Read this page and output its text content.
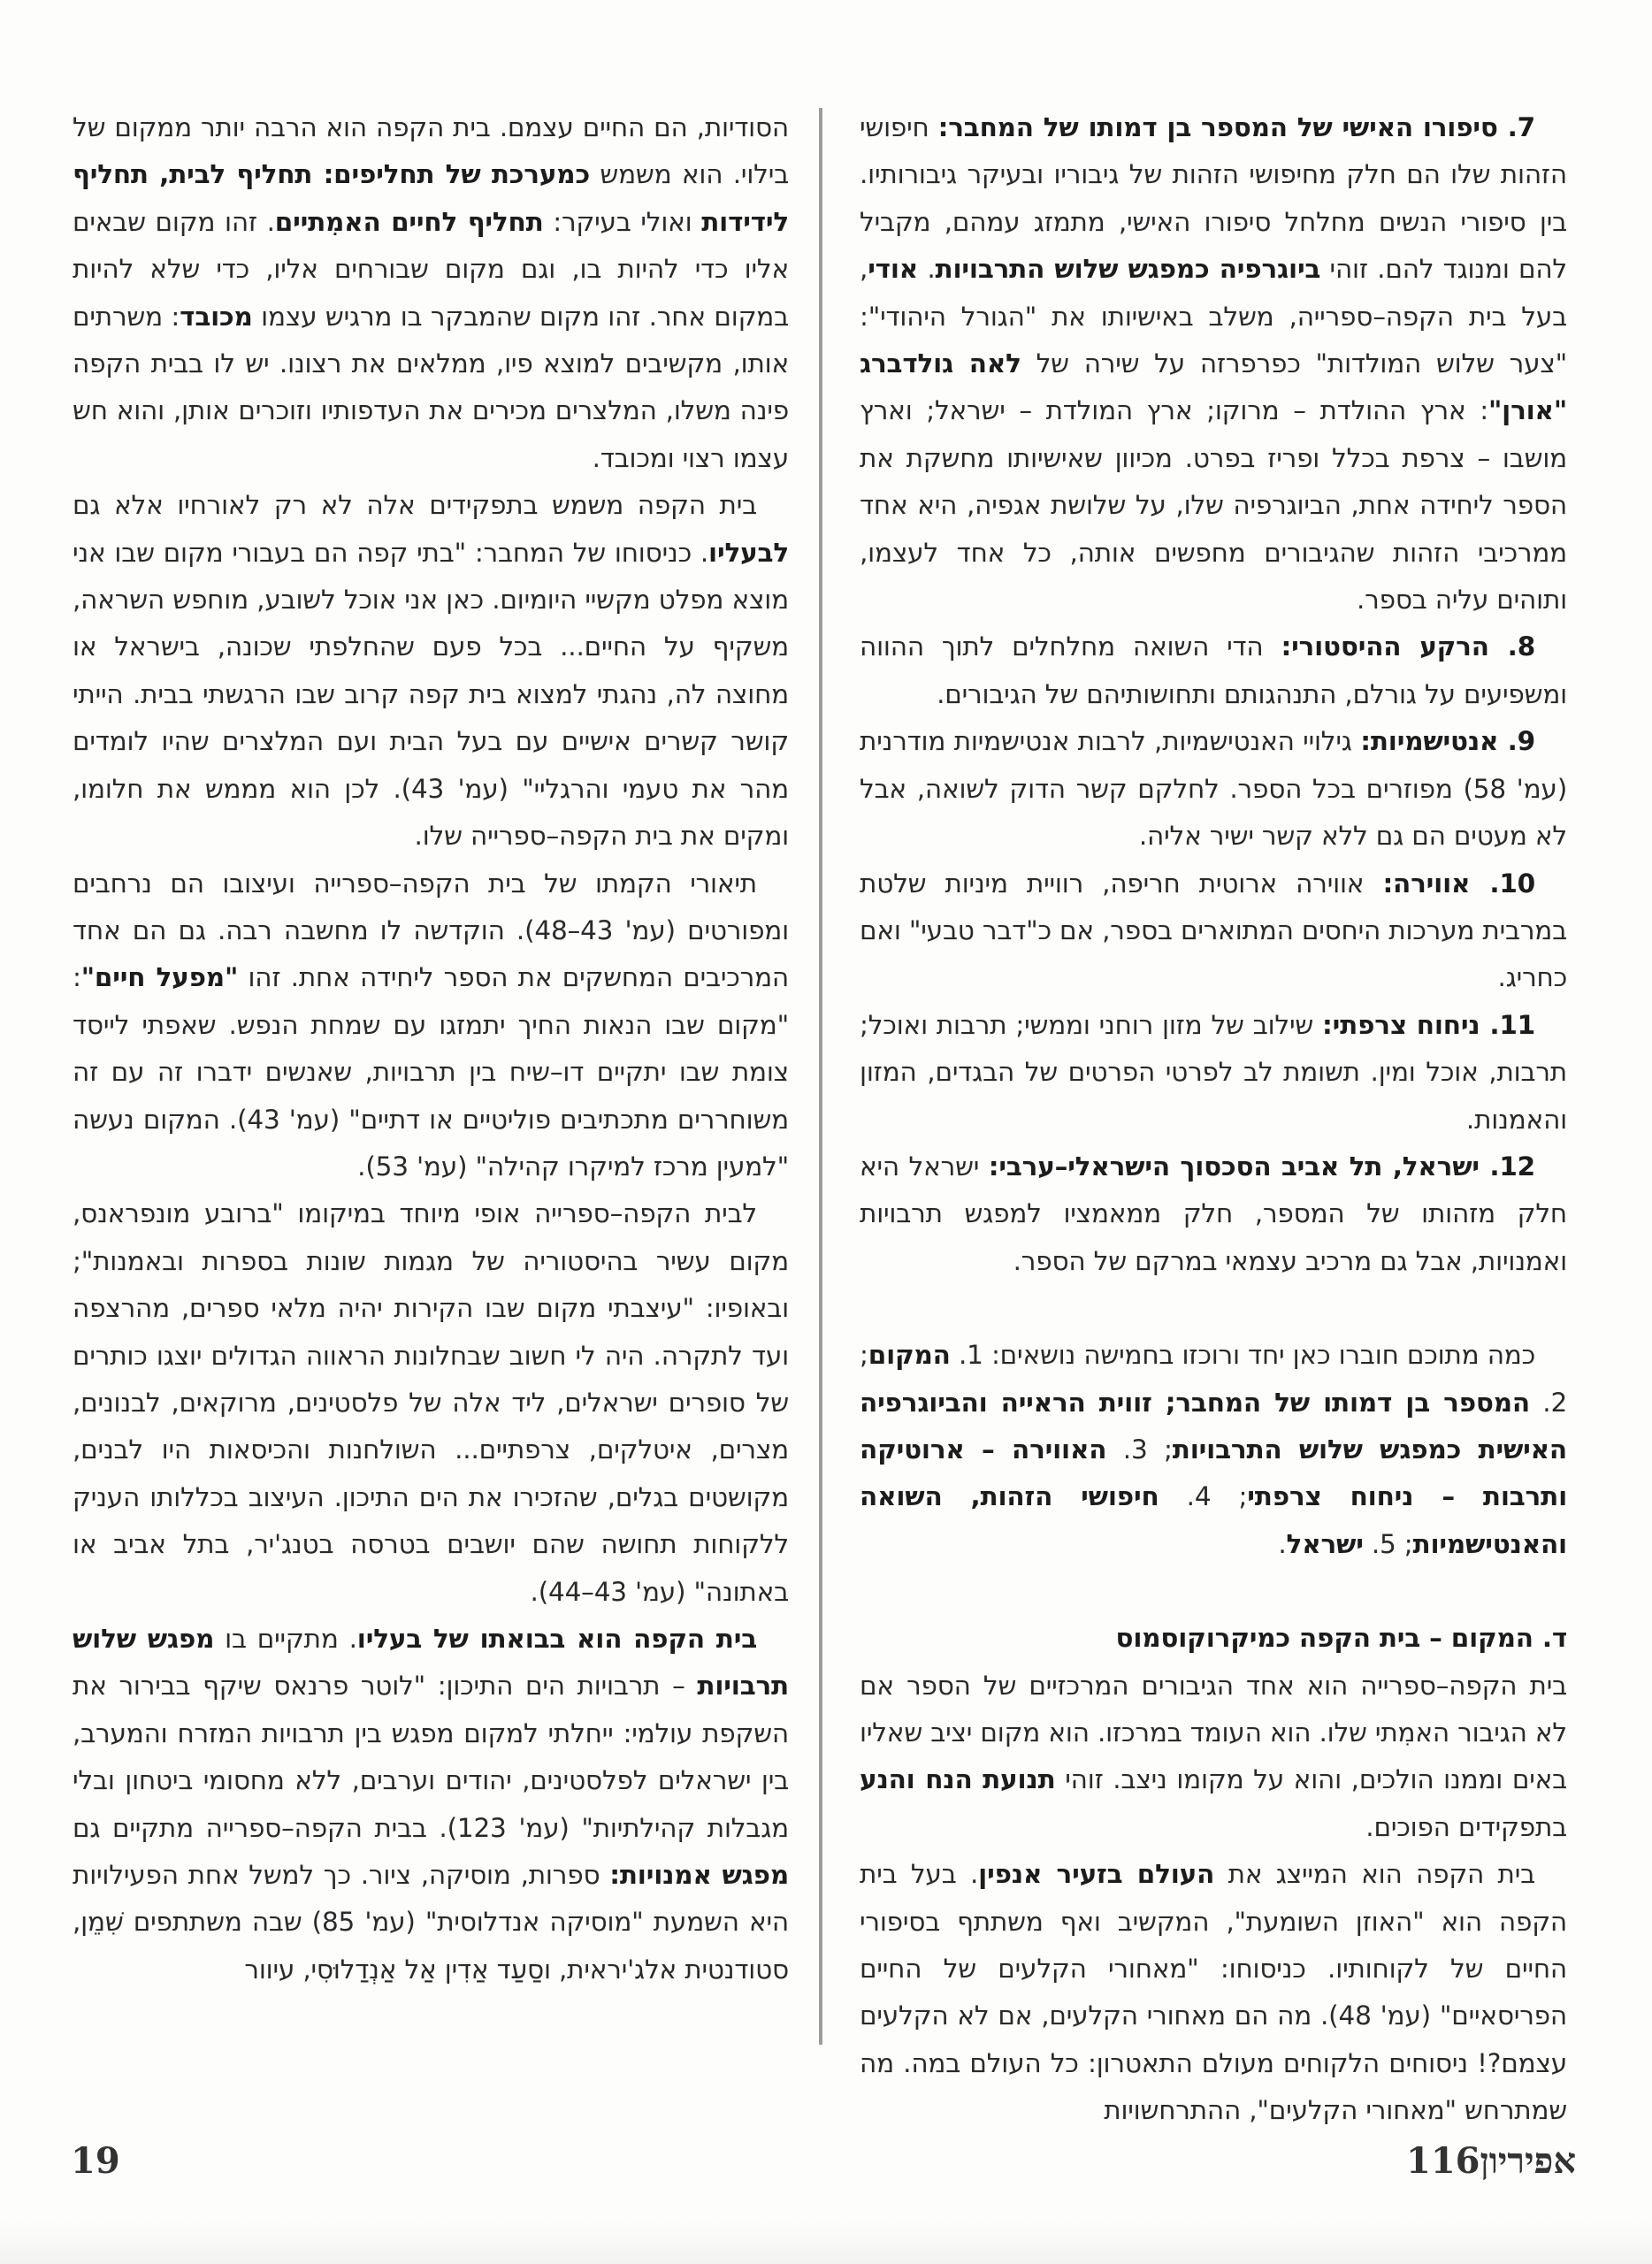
7. סיפורו האישי של המספר בן דמותו של המחבר: חיפושי הזהות שלו הם חלק מחיפושי הזהות של גיבוריו ובעיקר גיבורותיו. בין סיפורי הנשים מחלחל סיפורו האישי, מתמזג עמהם, מקביל להם ומנוגד להם. זוהי ביוגרפיה כמפגש שלוש התרבויות. אודי, בעל בית הקפה–ספרייה, משלב באישיותו את "הגורל היהודי": "צער שלוש המולדות" כפרפרזה על שירה של לאה גולדברג "אורן": ארץ ההולדת – מרוקו; ארץ המולדת – ישראל; וארץ מושבו – צרפת בכלל ופריז בפרט. מכיוון שאישיותו מחשקת את הספר ליחידה אחת, הביוגרפיה שלו, על שלושת אגפיה, היא אחד ממרכיבי הזהות שהגיבורים מחפשים אותה, כל אחד לעצמו, ותוהים עליה בספר.

8. הרקע ההיסטורי: הדי השואה מחלחלים לתוך ההווה ומשפיעים על גורלם, התנהגותם ותחושותיהם של הגיבורים.

9. אנטישמיות: גילויי האנטישמיות, לרבות אנטישמיות מודרנית (עמ' 58) מפוזרים בכל הספר. לחלקם קשר הדוק לשואה, אבל לא מעטים הם גם ללא קשר ישיר אליה.

10. אווירה: אווירה ארוטית חריפה, רוויית מיניות שלטת במרבית מערכות היחסים המתוארים בספר, אם כ"דבר טבעי" ואם כחריג.

11. ניחוח צרפתי: שילוב של מזון רוחני וממשי; תרבות ואוכל; תרבות, אוכל ומין. תשומת לב לפרטי הפרטים של הבגדים, המזון והאמנות.

12. ישראל, תל אביב הסכסוך הישראלי–ערבי: ישראל היא חלק מזהותו של המספר, חלק ממאמציו למפגש תרבויות ואמנויות, אבל גם מרכיב עצמאי במרקם של הספר.

כמה מתוכם חוברו כאן יחד ורוכזו בחמישה נושאים: 1. המקום; 2. המספר בן דמותו של המחבר; זווית הראייה והביוגרפיה האישית כמפגש שלוש התרבויות; 3. האווירה – ארוטיקה ותרבות – ניחוח צרפתי; 4. חיפושי הזהות, השואה והאנטישמיות; 5. ישראל.

ד. המקום – בית הקפה כמיקרוקוסמוס

בית הקפה–ספרייה הוא אחד הגיבורים המרכזיים של הספר אם לא הגיבור האמִתי שלו. הוא העומד במרכזו. הוא מקום יציב שאליו באים וממנו הולכים, והוא על מקומו ניצב. זוהי תנועת הנח והנע בתפקידים הפוכים.

בית הקפה הוא המייצג את העולם בזעיר אנפין. בעל בית הקפה הוא "האוזן השומעת", המקשיב ואף משתתף בסיפורי החיים של לקוחותיו. כניסוחו: "מאחורי הקלעים של החיים הפריסאיים" (עמ' 48). מה הם מאחורי הקלעים, אם לא הקלעים עצמם?! ניסוחים הלקוחים מעולם התאטרון: כל העולם במה. מה שמתרחש "מאחורי הקלעים", ההתרחשויות

הסודיות, הם החיים עצמם. בית הקפה הוא הרבה יותר ממקום של בילוי. הוא משמש כמערכת של תחליפים: תחליף לבית, תחליף לידידות ואולי בעיקר: תחליף לחיים האמִתיים. זהו מקום שבאים אליו כדי להיות בו, וגם מקום שבורחים אליו, כדי שלא להיות במקום אחר. זהו מקום שהמבקר בו מרגיש עצמו מכובד: משרתים אותו, מקשיבים למוצא פיו, ממלאים את רצונו. יש לו בבית הקפה פינה משלו, המלצרים מכירים את העדפותיו וזוכרים אותן, והוא חש עצמו רצוי ומכובד.

בית הקפה משמש בתפקידים אלה לא רק לאורחיו אלא גם לבעליו. כניסוחו של המחבר: "בתי קפה הם בעבורי מקום שבו אני מוצא מפלט מקשיי היומיום. כאן אני אוכל לשובע, מוחפש השראה, משקיף על החיים... בכל פעם שהחלפתי שכונה, בישראל או מחוצה לה, נהגתי למצוא בית קפה קרוב שבו הרגשתי בבית. הייתי קושר קשרים אישיים עם בעל הבית ועם המלצרים שהיו לומדים מהר את טעמי והרגליי" (עמ' 43). לכן הוא מממש את חלומו, ומקים את בית הקפה–ספרייה שלו.

תיאורי הקמתו של בית הקפה–ספרייה ועיצובו הם נרחבים ומפורטים (עמ' 43–48). הוקדשה לו מחשבה רבה. גם הם אחד המרכיבים המחשקים את הספר ליחידה אחת. זהו "מפעל חיים": "מקום שבו הנאות החיך יתמזגו עם שמחת הנפש. שאפתי לייסד צומת שבו יתקיים דו–שיח בין תרבויות, שאנשים ידברו זה עם זה משוחררים מתכתיבים פוליטיים או דתיים" (עמ' 43). המקום נעשה "למעין מרכז למיקרו קהילה" (עמ' 53).

לבית הקפה–ספרייה אופי מיוחד במיקומו "ברובע מונפראנס, מקום עשיר בהיסטוריה של מגמות שונות בספרות ובאמנות"; ובאופיו: "עיצבתי מקום שבו הקירות יהיה מלאי ספרים, מהרצפה ועד לתקרה. היה לי חשוב שבחלונות הראווה הגדולים יוצגו כותרים של סופרים ישראלים, ליד אלה של פלסטינים, מרוקאים, לבנונים, מצרים, איטלקים, צרפתיים... השולחנות והכיסאות היו לבנים, מקושטים בגלים, שהזכירו את הים התיכון. העיצוב בכללותו העניק ללקוחות תחושה שהם יושבים בטרסה בטנג'יר, בתל אביב או באתונה" (עמ' 43–44).

בית הקפה הוא בבואתו של בעליו. מתקיים בו מפגש שלוש תרבויות – תרבויות הים התיכון: "לוטר פרנאס שיקף בבירור את השקפת עולמי: ייחלתי למקום מפגש בין תרבויות המזרח והמערב, בין ישראלים לפלסטינים, יהודים וערבים, ללא מחסומי ביטחון ובלי מגבלות קהילתיות" (עמ' 123). בבית הקפה–ספרייה מתקיים גם מפגש אמנויות: ספרות, מוסיקה, ציור. כך למשל אחת הפעילויות היא השמעת "מוסיקה אנדלוסית" (עמ' 85) שבה משתתפים שִׁמֵן, סטודנטית אלג'יראית, וסַעַד אַדִין אַל אַנְדַלוּסִי, עיוור

19	אפיריון116
